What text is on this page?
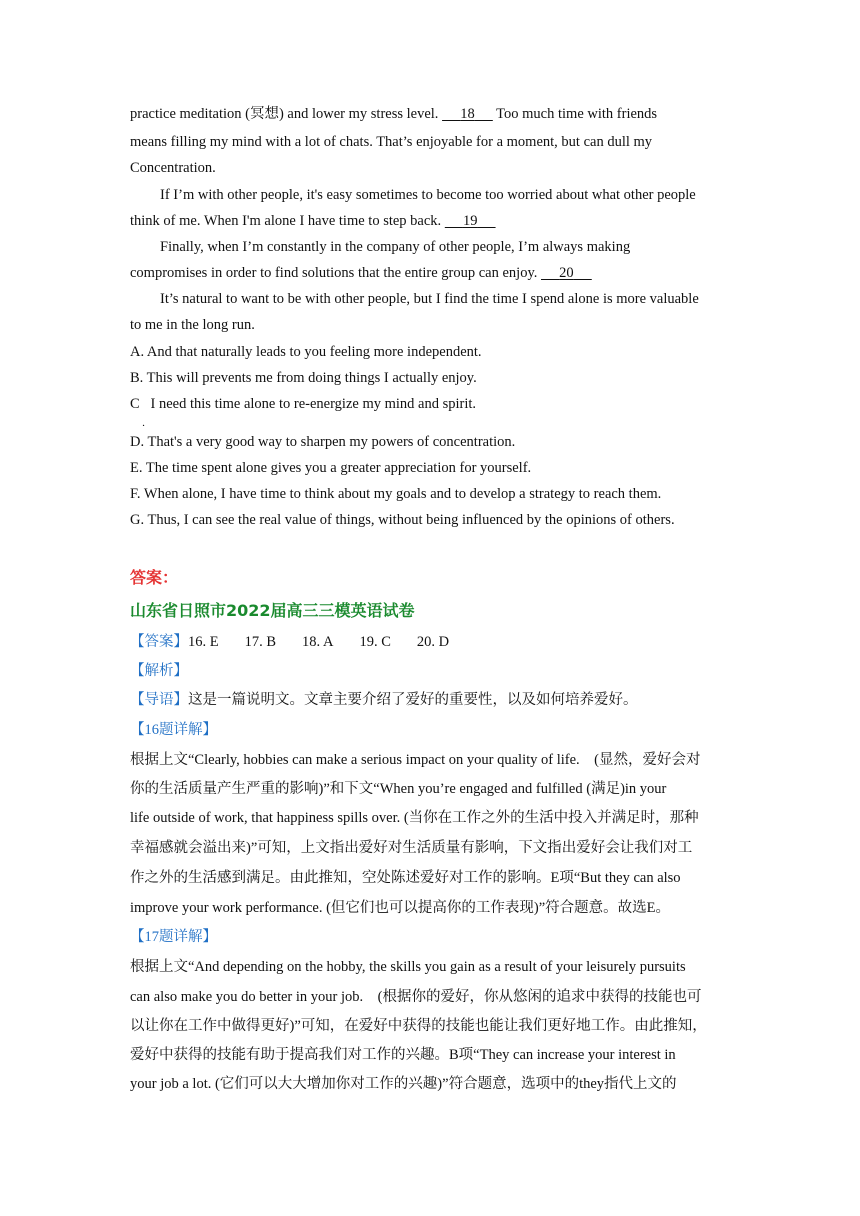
practice meditation (冥想) and lower my stress level.      18      Too much time with friends
means filling my mind with a lot of chats. That’s enjoyable for a moment, but can dull my
Concentration.
If I’m with other people, it's easy sometimes to become too worried about what other people
think of me. When I'm alone I have time to step back.      19
Finally, when I’m constantly in the company of other people, I’m always making
compromises in order to find solutions that the entire group can enjoy.      20
It’s natural to want to be with other people, but I find the time I spend alone is more valuable
to me in the long run.
A. And that naturally leads to you feeling more independent.
B. This will prevents me from doing things I actually enjoy.
C   I need this time alone to re-energize my mind and spirit.
．
D. That's a very good way to sharpen my powers of concentration.
E. The time spent alone gives you a greater appreciation for yourself.
F. When alone, I have time to think about my goals and to develop a strategy to reach them.
G. Thus, I can see the real value of things, without being influenced by the opinions of others.
答案：
山东省日照市2022届高三三模英语试卷
【答案】16. E 17. B 18. A 19. C 20. D
【解析】
【导语】这是一篇说明文。文章主要介绍了爱好的重要性，以及如何培养爱好。
【16题详解】
根据上文“Clearly, hobbies can make a serious impact on your quality of life.    (显然，爱好会对
你的生活质量产生严重的影响)”和下文“When you’re engaged and fulfilled (满足)in your
life outside of work, that happiness spills over. (当你在工作之外的生活中投入并满足时，那种
幸福感就会溢出来)”可知，上文指出爱好对生活质量有影响，下文指出爱好会让我们对工
作之外的生活感到满足。由此推知，空处陈述爱好对工作的影响。E项“But they can also
improve your work performance. (但它们也可以提高你的工作表现)”符合题意。故选E。
【17题详解】
根据上文“And depending on the hobby, the skills you gain as a result of your leisurely pursuits
can also make you do better in your job.    (根据你的爱好，你从悠闲的追求中获得的技能也可
以让你在工作中做得更好)”可知，在爱好中获得的技能也能让我们更好地工作。由此推知，
爱好中获得的技能有助于提高我们对工作的兴趣。B项“They can increase your interest in
your job a lot. (它们可以大大增加你对工作的兴趣)”符合题意，选项中的they指代上文的
